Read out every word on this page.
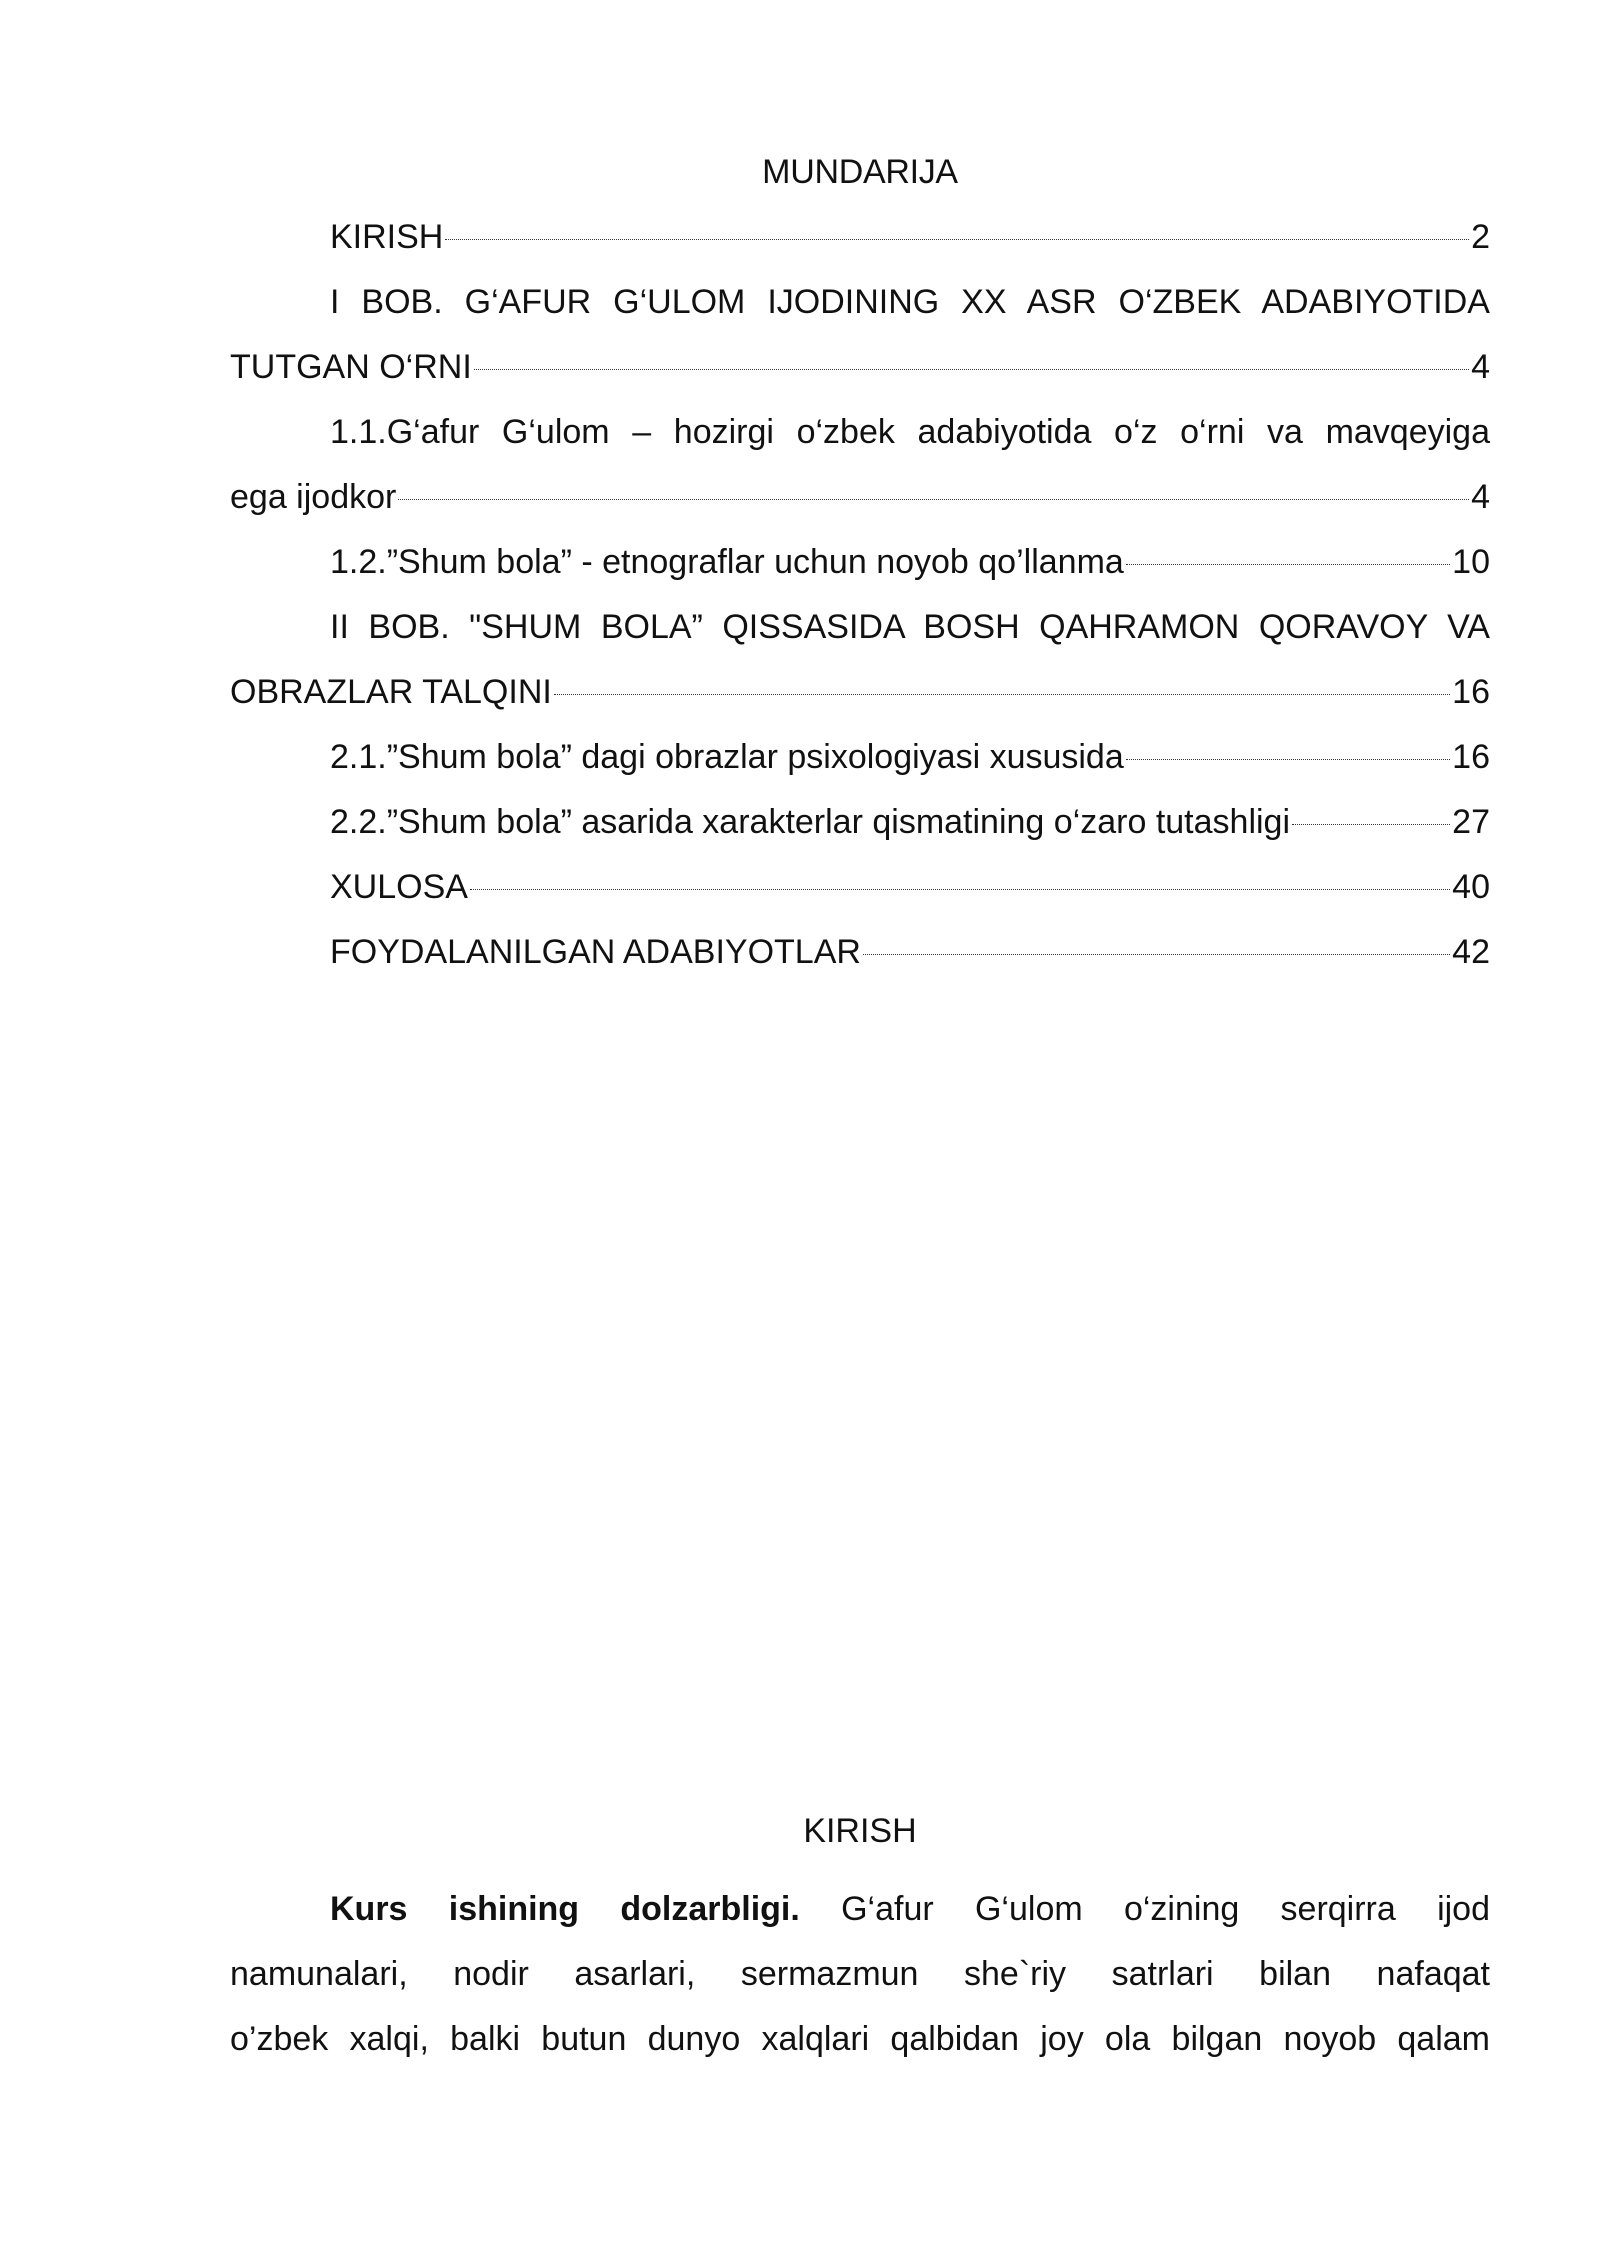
MUNDARIJA
KIRISH	2
I BOB. G‘AFUR G‘ULOM IJODINING XX ASR O‘ZBEK ADABIYOTIDA
TUTGAN O‘RNI	4
1.1.G‘afur G‘ulom – hozirgi o‘zbek adabiyotida o‘z o‘rni va mavqeyiga
ega ijodkor	4
1.2.”Shum bola” - etnograflar uchun noyob qo’llanma	10
II BOB. "SHUM BOLA” QISSASIDA BOSH QAHRAMON QORAVOY VA
OBRAZLAR TALQINI	16
2.1.”Shum bola” dagi obrazlar psixologiyasi xususida	16
2.2.”Shum bola” asarida xarakterlar qismatining o‘zaro tutashligi	27
XULOSA	40
FOYDALANILGAN ADABIYOTLAR	42
KIRISH
Kurs ishining dolzarbligi. G‘afur G‘ulom o‘zining serqirra ijod
namunalari, nodir asarlari, sermazmun she`riy satrlari bilan nafaqat
o’zbek xalqi, balki butun dunyo xalqlari qalbidan joy ola bilgan noyob qalam
